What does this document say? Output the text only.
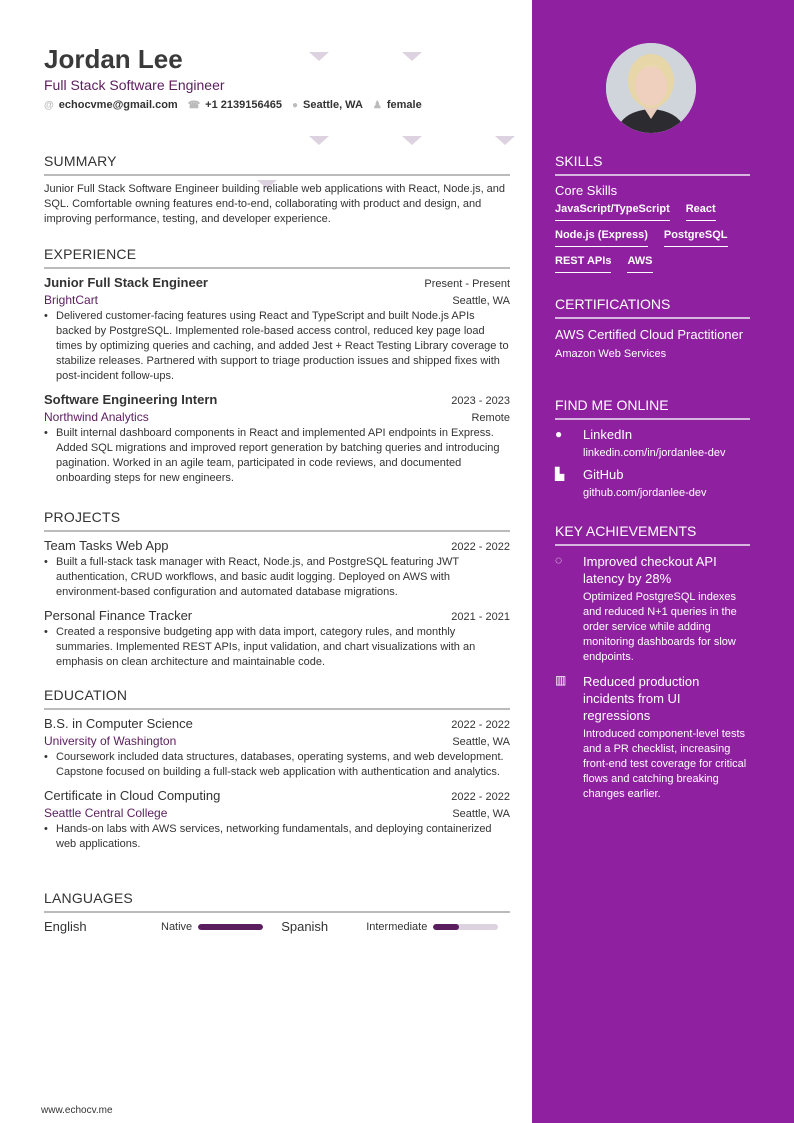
Jordan Lee
Full Stack Software Engineer
@ echocvme@gmail.com ☎ +1 2139156465 ● Seattle, WA ♟ female
SUMMARY

Junior Full Stack Software Engineer building reliable web applications with React, Node.js, and SQL. Comfortable owning features end-to-end, collaborating with product and design, and improving performance, testing, and developer experience.

EXPERIENCE
Junior Full Stack Engineer	Present - Present
BrightCart	Seattle, WA
• Delivered customer-facing features using React and TypeScript and built Node.js APIs backed by PostgreSQL. Implemented role-based access control, reduced key page load times by optimizing queries and caching, and added Jest + React Testing Library coverage to stabilize releases. Partnered with support to triage production issues and shipped fixes with post-incident follow-ups.
Software Engineering Intern	2023 - 2023
Northwind Analytics	Remote
• Built internal dashboard components in React and implemented API endpoints in Express. Added SQL migrations and improved report generation by batching queries and introducing pagination. Worked in an agile team, participated in code reviews, and documented onboarding steps for new engineers.
PROJECTS
Team Tasks Web App	2022 - 2022
• Built a full-stack task manager with React, Node.js, and PostgreSQL featuring JWT authentication, CRUD workflows, and basic audit logging. Deployed on AWS with environment-based configuration and automated database migrations.
Personal Finance Tracker	2021 - 2021
• Created a responsive budgeting app with data import, category rules, and monthly summaries. Implemented REST APIs, input validation, and chart visualizations with an emphasis on clean architecture and maintainable code.
EDUCATION
B.S. in Computer Science	2022 - 2022
University of Washington	Seattle, WA
• Coursework included data structures, databases, operating systems, and web development. Capstone focused on building a full-stack web application with authentication and analytics.
Certificate in Cloud Computing	2022 - 2022
Seattle Central College	Seattle, WA
• Hands-on labs with AWS services, networking fundamentals, and deploying containerized web applications.
LANGUAGES
English	Native	Spanish	Intermediate
www.echocv.me
SKILLS
Core Skills
JavaScript/TypeScript React
Node.js (Express) PostgreSQL
REST APIs AWS
CERTIFICATIONS
AWS Certified Cloud Practitioner
Amazon Web Services
FIND ME ONLINE
●	LinkedIn
linkedin.com/in/jordanlee-dev
▙	GitHub
github.com/jordanlee-dev
KEY ACHIEVEMENTS
◌	Improved checkout API latency by 28%

Optimized PostgreSQL indexes and reduced N+1 queries in the order service while adding monitoring dashboards for slow endpoints.

▥	Reduced production incidents from UI regressions

Introduced component-level tests and a PR checklist, increasing front-end test coverage for critical flows and catching breaking changes earlier.
